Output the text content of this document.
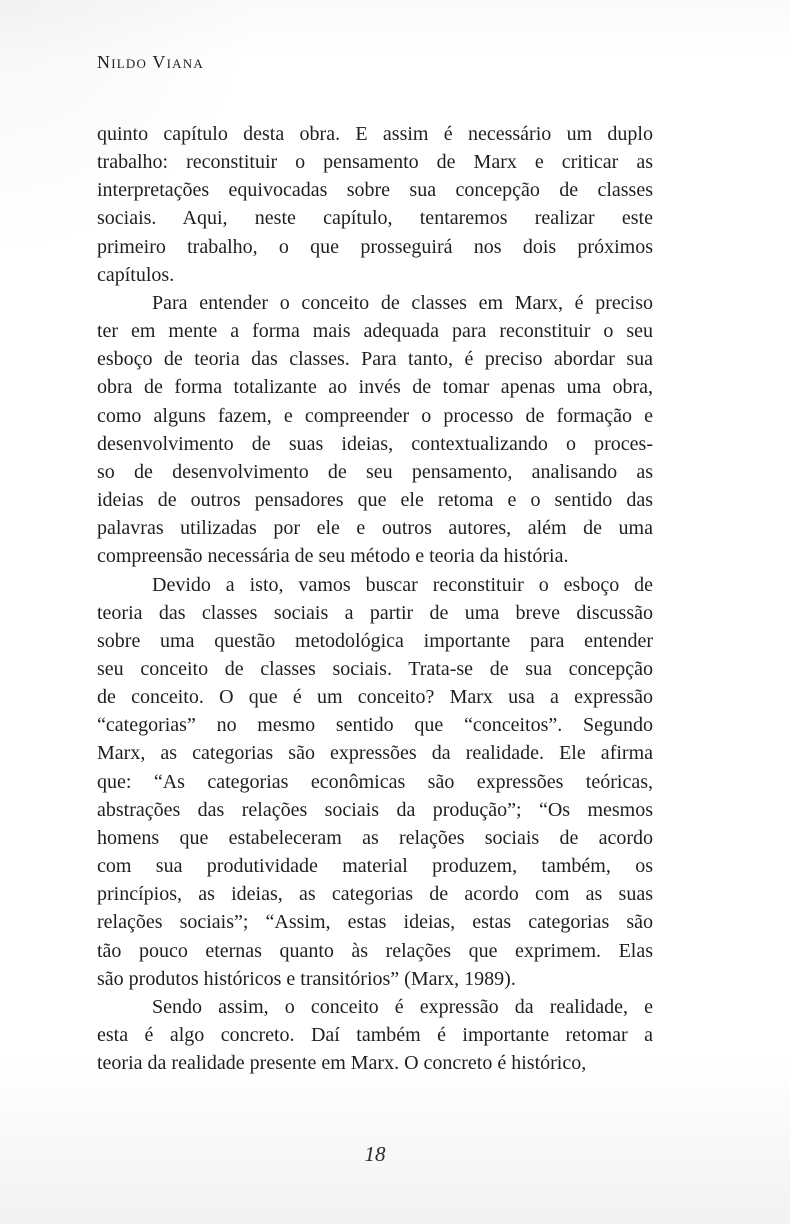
Nildo Viana
quinto capítulo desta obra. E assim é necessário um duplo
trabalho: reconstituir o pensamento de Marx e criticar as
interpretações equivocadas sobre sua concepção de classes
sociais. Aqui, neste capítulo, tentaremos realizar este
primeiro trabalho, o que prosseguirá nos dois próximos
capítulos.
Para entender o conceito de classes em Marx, é preciso
ter em mente a forma mais adequada para reconstituir o seu
esboço de teoria das classes. Para tanto, é preciso abordar sua
obra de forma totalizante ao invés de tomar apenas uma obra,
como alguns fazem, e compreender o processo de formação e
desenvolvimento de suas ideias, contextualizando o proces-
so de desenvolvimento de seu pensamento, analisando as
ideias de outros pensadores que ele retoma e o sentido das
palavras utilizadas por ele e outros autores, além de uma
compreensão necessária de seu método e teoria da história.
Devido a isto, vamos buscar reconstituir o esboço de
teoria das classes sociais a partir de uma breve discussão
sobre uma questão metodológica importante para entender
seu conceito de classes sociais. Trata-se de sua concepção
de conceito. O que é um conceito? Marx usa a expressão
“categorias” no mesmo sentido que “conceitos”. Segundo
Marx, as categorias são expressões da realidade. Ele afirma
que: “As categorias econômicas são expressões teóricas,
abstrações das relações sociais da produção”; “Os mesmos
homens que estabeleceram as relações sociais de acordo
com sua produtividade material produzem, também, os
princípios, as ideias, as categorias de acordo com as suas
relações sociais”; “Assim, estas ideias, estas categorias são
tão pouco eternas quanto às relações que exprimem. Elas
são produtos históricos e transitórios” (Marx, 1989).
Sendo assim, o conceito é expressão da realidade, e
esta é algo concreto. Daí também é importante retomar a
teoria da realidade presente em Marx. O concreto é histórico,
18
